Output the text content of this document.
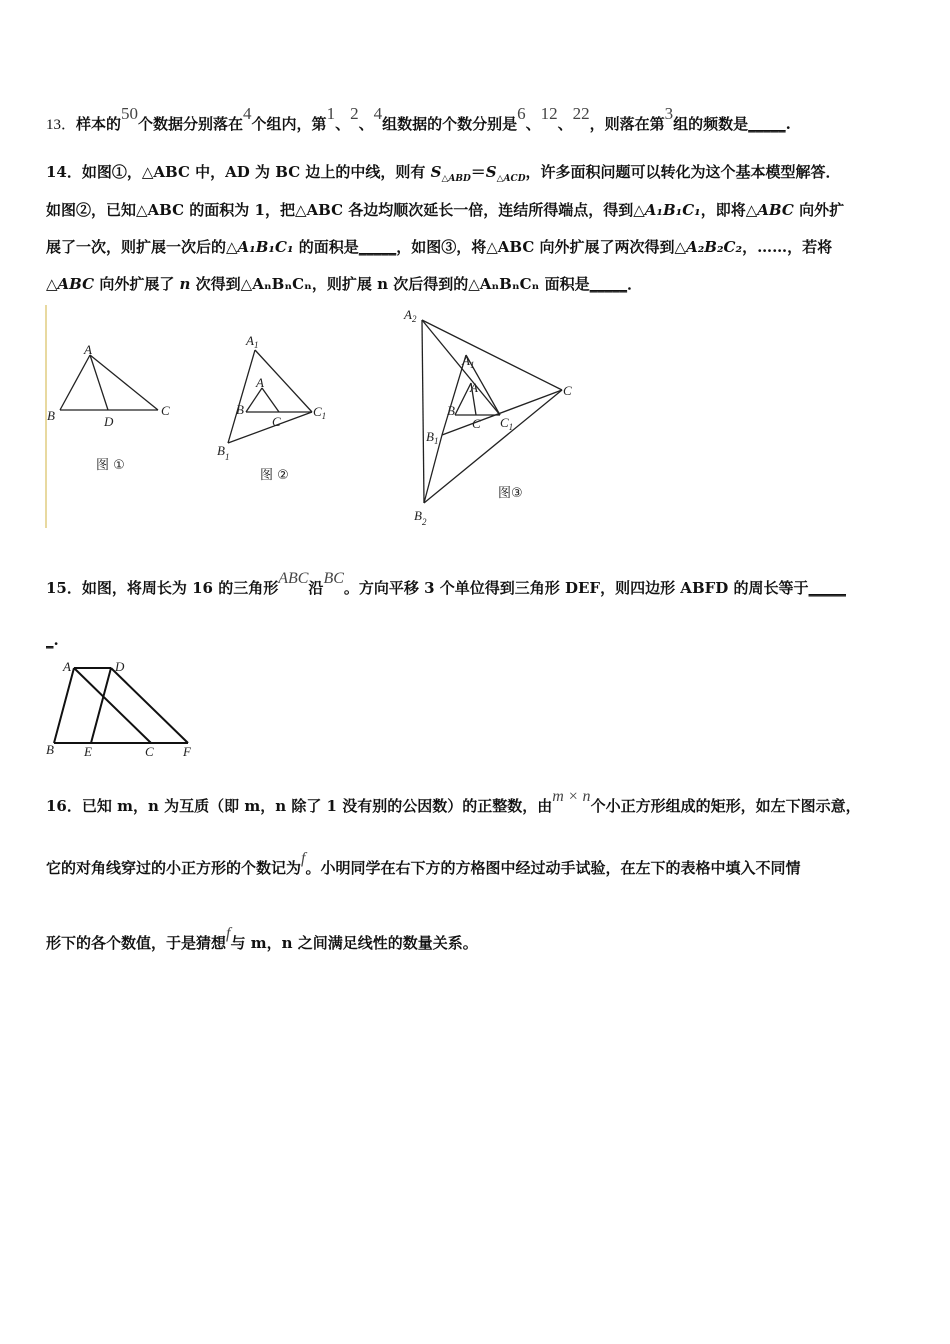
13．样本的50个数据分别落在4个组内，第1、2、4组数据的个数分别是6、12、22，则落在第3组的频数是_____.
14．如图①，△ABC 中，AD 为 BC 边上的中线，则有 $S_{\triangle ABD}=S_{\triangle ACD}$，许多面积问题可以转化为这个基本模型解答．
如图②，已知△ABC 的面积为 1，把△ABC 各边均顺次延长一倍，连结所得端点，得到△A₁B₁C₁，即将△ABC 向外扩
展了一次，则扩展一次后的△A₁B₁C₁ 的面积是_____，如图③，将△ABC 向外扩展了两次得到△A₂B₂C₂，……，若将
△ABC 向外扩展了 n 次得到△AₙBₙCₙ，则扩展 n 次后得到的△AₙBₙCₙ 面积是_____．
A
B	D
C
图 ①
$A_1$
A
B
C
$C_1$
$B_1$
图 ②
$A_2$
$A_1$
A
B
C $C_1$
$B_1$
C
$B_2$
图③
15．如图，将周长为 16 的三角形ABC沿BC。方向平移 3 个单位得到三角形 DEF，则四边形 ABFD 的周长等于_____
_.
A	D
B E	C F
16．已知 m，n 为互质（即 m，n 除了 1 没有别的公因数）的正整数，由m × n个小正方形组成的矩形，如左下图示意，
它的对角线穿过的小正方形的个数记为f。小明同学在右下方的方格图中经过动手试验，在左下的表格中填入不同情
形下的各个数值，于是猜想f与 m，n 之间满足线性的数量关系。
